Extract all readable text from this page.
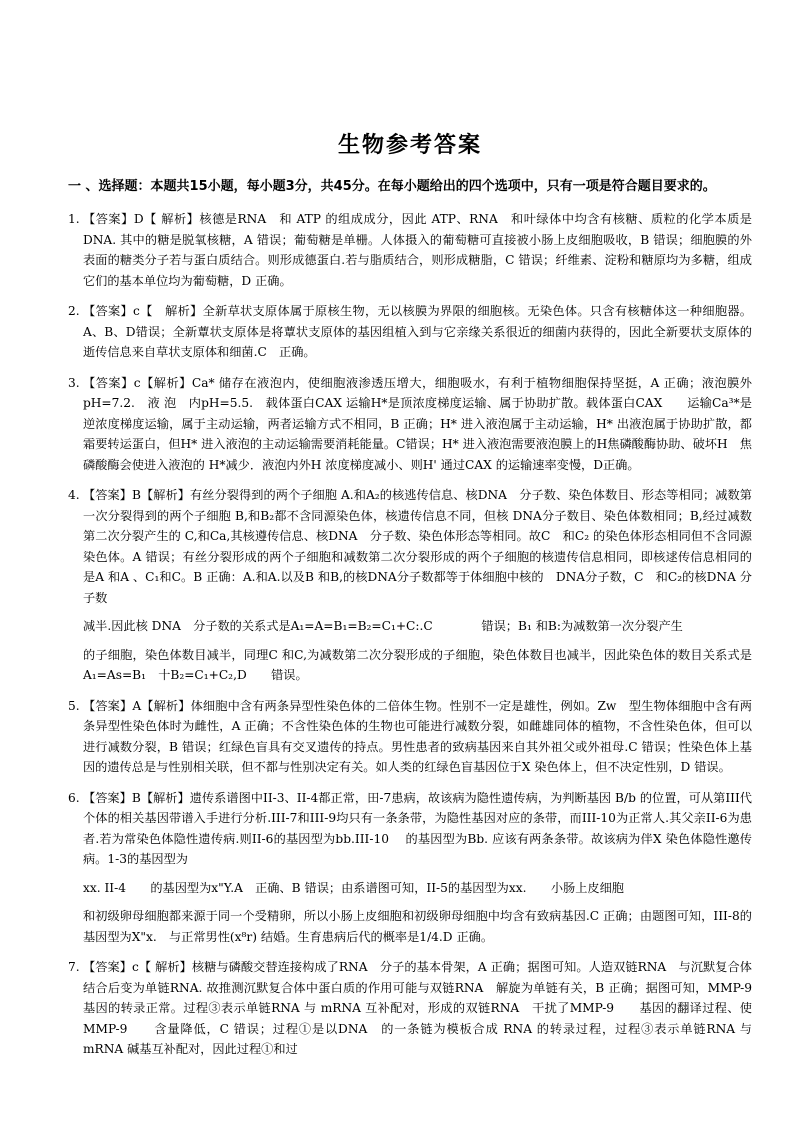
生物参考答案
一 、选择题：本题共15小题，每小题3分，共45分。在每小题给出的四个选项中，只有一项是符合题目要求的。
1. 【答案】D【 解析】核德是RNA　和 ATP 的组成成分，因此 ATP、RNA　和叶绿体中均含有核糖、质粒的化学本质是DNA. 其中的糖是脱氧核糖，A 错误；葡萄糖是单栅。人体摄入的葡萄糖可直接被小肠上皮细胞吸收，B 错误；细胞膜的外表面的糖类分子若与蛋白质结合。则形成德蛋白.若与脂质结合，则形成糖脂，C 错误；纤维素、淀粉和糖原均为多糖，组成它们的基本单位均为葡萄糖，D 正确。

2. 【答案】c【　解析】全新草状支原体属于原核生物，无以核膜为界限的细胞核。无染色体。只含有核糖体这一种细胞器。A、B、D错误；全新蕈状支原体是将蕈状支原体的基因组植入到与它亲缘关系很近的细菌内获得的，因此全新要状支原体的逝传信息来自草状支原体和细菌.C　正确。

3. 【答案】c【解析】Ca* 储存在液泡内，使细胞液渗透压增大，细胞吸水，有利于植物细胞保持坚挺，A 正确；液泡膜外pH=7.2.　液 泡　内pH=5.5.　载体蛋白CAX 运输H*是顶浓度梯度运输、属于协助扩散。载体蛋白CAX　　运输Ca³*是逆浓度梯度运输，属于主动运输，两者运输方式不相同，B 正确；H* 进入液泡属于主动运输，H* 出液泡属于协助扩散，都霜要转运蛋白，但H* 进入液泡的主动运输需要消耗能量。C错误；H* 进入液泡需要液泡膜上的H焦磷酸酶协助、破坏H　焦磷酸酶会使进入液泡的 H*减少．液泡内外H 浓度梯度减小、则H' 通过CAX 的运输速率变慢，D正确。

4. 【答案】B【解析】有丝分裂得到的两个子细胞 A.和A₂的核逃传信息、核DNA　分子数、染色体数目、形态等相同；减数第一次分裂得到的两个子细胞 B,和B₂都不含同源染色体，核遗传信息不同，但核 DNA分子数目、染色体数相同；B,经过减数第二次分裂产生的 C,和Ca,其核遵传信息、核DNA　分子数、染色体形态等相同。故C　和C₂ 的染色体形态相同但不含同源染色体。A 错误；有丝分裂形成的两个子细胞和减数第二次分裂形成的两个子细胞的核遗传信息相同，即核逑传信息相同的是A 和A 、C₁和C。B 正确：A.和A.以及B 和B,的核DNA分子数都等于体细胞中核的　DNA分子数，C　和C₂的核DNA 分子数

减半.因此核 DNA　分子数的关系式是A₁=A=B₁=B₂=C₁+C:.C　　　　错误；B₁ 和B:为减数第一次分裂产生

的子细胞，染色体数目减半，同理C 和C,为减数第二次分裂形成的子细胞，染色体数目也减半，因此染色体的数目关系式是A₁=As=B₁　十B₂=C₁+C₂,D　　错误。

5. 【答案】A【解析】体细胞中含有两条异型性染色体的二倍体生物。性别不一定是雄性，例如。Zw　型生物体细胞中含有两条异型性染色体时为雌性，A 正确；不含性染色体的生物也可能进行减数分裂，如雌雄同体的植物，不含性染色体，但可以进行减数分裂，B 错误；红绿色盲具有交叉遗传的持点。男性患者的致病基因来自其外祖父或外祖母.C 错误；性染色体上基因的遗传总是与性别相关联，但不都与性别决定有关。如人类的红绿色盲基因位于X 染色体上，但不决定性别，D 错误。

6. 【答案】B【解析】遗传系谱图中II-3、II-4都正常，田-7患病，故该病为隐性遗传病，为判断基因 B/b 的位置，可从第III代个体的相关基因带谱入手进行分析.III-7和III-9均只有一条条带，为隐性基因对应的条带，而III-10为正常人.其父亲II-6为患者.若为常染色体隐性遗传病.则II-6的基因型为bb.III-10　 的基因型为Bb. 应该有两条条带。故该病为伴X 染色体隐性邀传病。1-3的基因型为

xx. II-4　　的基因型为x"Y.A　正确、B 错误；由系谱图可知，II-5的基因型为xx.　　小肠上皮细胞

和初级卵母细胞都来源于同一个受精卵，所以小肠上皮细胞和初级卵母细胞中均含有致病基因.C 正确；由题图可知，III-8的基因型为X"x.　与正常男性(x⁸r) 结婚。生育患病后代的概率是1/4.D 正确。

7. 【答案】c【 解析】核糖与磷酸交替连接构成了RNA　分子的基本骨架，A 正确；据图可知。人造双链RNA　与沉默复合体结合后变为单链RNA. 故推测沉默复合体中蛋白质的作用可能与双链RNA　解旋为单链有关，B 正确；据图可知，MMP-9　基因的转录正常。过程③表示单链RNA 与 mRNA 互补配对，形成的双链RNA　干扰了MMP-9　　基因的翻译过程、使MMP-9　　含量降低，C 错误；过程①是以DNA　的一条链为模板合成 RNA 的转录过程，过程③表示单链RNA 与 mRNA 碱基互补配对，因此过程①和过
